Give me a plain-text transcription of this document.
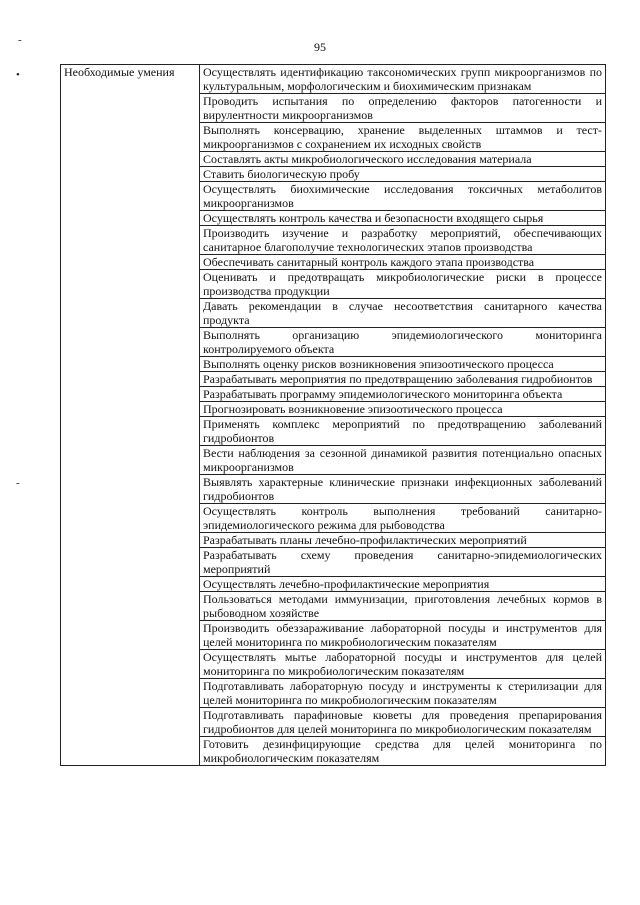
95
-
•
-
Необходимые умения	Осуществлять идентификацию таксономических групп микроорганизмов по культуральным, морфологическим и биохимическим признакам
Проводить испытания по определению факторов патогенности и вирулентности микроорганизмов
Выполнять консервацию, хранение выделенных штаммов и тест-микроорганизмов с сохранением их исходных свойств
Составлять акты микробиологического исследования материала
Ставить биологическую пробу
Осуществлять биохимические исследования токсичных метаболитов микроорганизмов
Осуществлять контроль качества и безопасности входящего сырья
Производить изучение и разработку мероприятий, обеспечивающих санитарное благополучие технологических этапов производства
Обеспечивать санитарный контроль каждого этапа производства
Оценивать и предотвращать микробиологические риски в процессе производства продукции
Давать рекомендации в случае несоответствия санитарного качества продукта
Выполнять организацию эпидемиологического мониторинга контролируемого объекта
Выполнять оценку рисков возникновения эпизоотического процесса
Разрабатывать мероприятия по предотвращению заболевания гидробионтов
Разрабатывать программу эпидемиологического мониторинга объекта
Прогнозировать возникновение эпизоотического процесса
Применять комплекс мероприятий по предотвращению заболеваний гидробионтов
Вести наблюдения за сезонной динамикой развития потенциально опасных микроорганизмов
Выявлять характерные клинические признаки инфекционных заболеваний гидробионтов
Осуществлять контроль выполнения требований санитарно-эпидемиологического режима для рыбоводства
Разрабатывать планы лечебно-профилактических мероприятий
Разрабатывать схему проведения санитарно-эпидемиологических мероприятий
Осуществлять лечебно-профилактические мероприятия
Пользоваться методами иммунизации, приготовления лечебных кормов в рыбоводном хозяйстве
Производить обеззараживание лабораторной посуды и инструментов для целей мониторинга по микробиологическим показателям
Осуществлять мытье лабораторной посуды и инструментов для целей мониторинга по микробиологическим показателям
Подготавливать лабораторную посуду и инструменты к стерилизации для целей мониторинга по микробиологическим показателям
Подготавливать парафиновые кюветы для проведения препарирования гидробионтов для целей мониторинга по микробиологическим показателям
Готовить дезинфицирующие средства для целей мониторинга по микробиологическим показателям
